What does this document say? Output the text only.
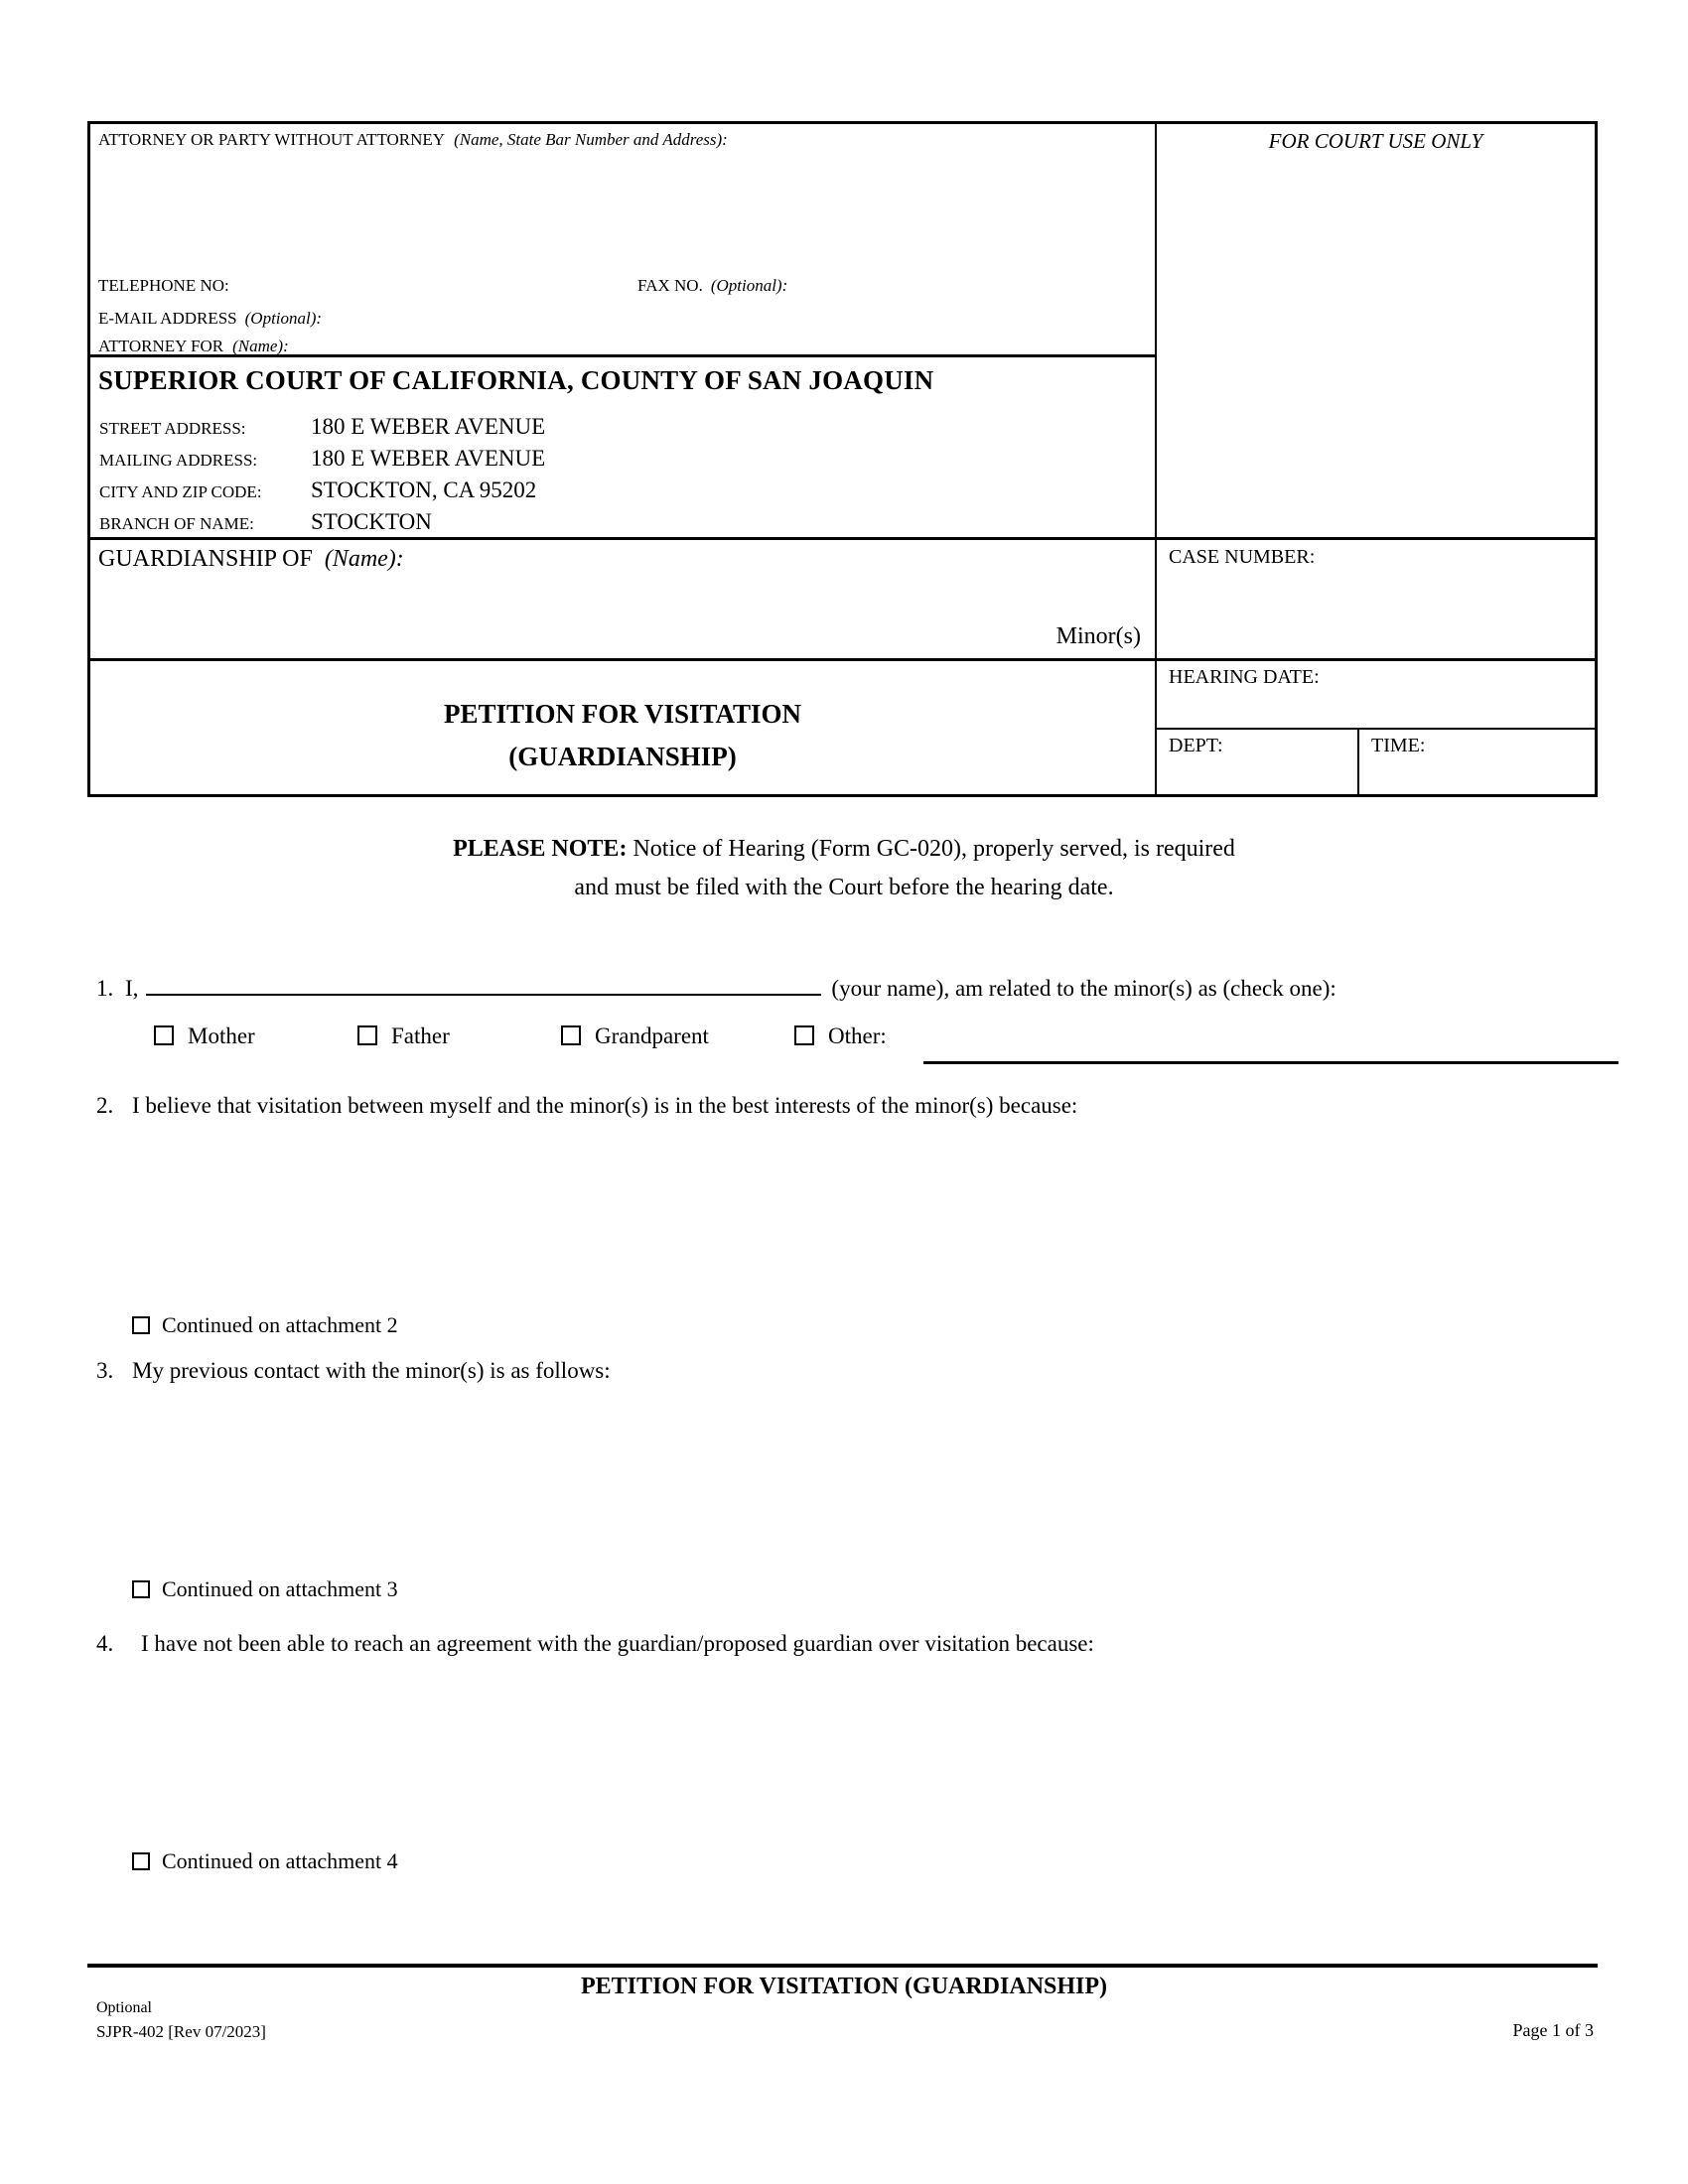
ATTORNEY OR PARTY WITHOUT ATTORNEY (Name, State Bar Number and Address):
TELEPHONE NO:	FAX NO. (Optional):
E-MAIL ADDRESS (Optional):
ATTORNEY FOR (Name):
FOR COURT USE ONLY
SUPERIOR COURT OF CALIFORNIA, COUNTY OF SAN JOAQUIN
STREET ADDRESS:	180 E WEBER AVENUE
MAILING ADDRESS: 180 E WEBER AVENUE
CITY AND ZIP CODE: STOCKTON, CA 95202
BRANCH OF NAME: STOCKTON
GUARDIANSHIP OF (Name):
Minor(s)
CASE NUMBER:
PETITION FOR VISITATION
(GUARDIANSHIP)
HEARING DATE:
DEPT:	TIME:
PLEASE NOTE: Notice of Hearing (Form GC-020), properly served, is required
and must be filed with the Court before the hearing date.
1. I,	(your name), am related to the minor(s) as (check one):
Mother	Father	Grandparent	Other:
2. I believe that visitation between myself and the minor(s) is in the best interests of the minor(s) because:
Continued on attachment 2
3. My previous contact with the minor(s) is as follows:
Continued on attachment 3
4. I have not been able to reach an agreement with the guardian/proposed guardian over visitation because:
Continued on attachment 4
PETITION FOR VISITATION (GUARDIANSHIP)
Optional
SJPR-402 [Rev 07/2023]	Page 1 of 3
